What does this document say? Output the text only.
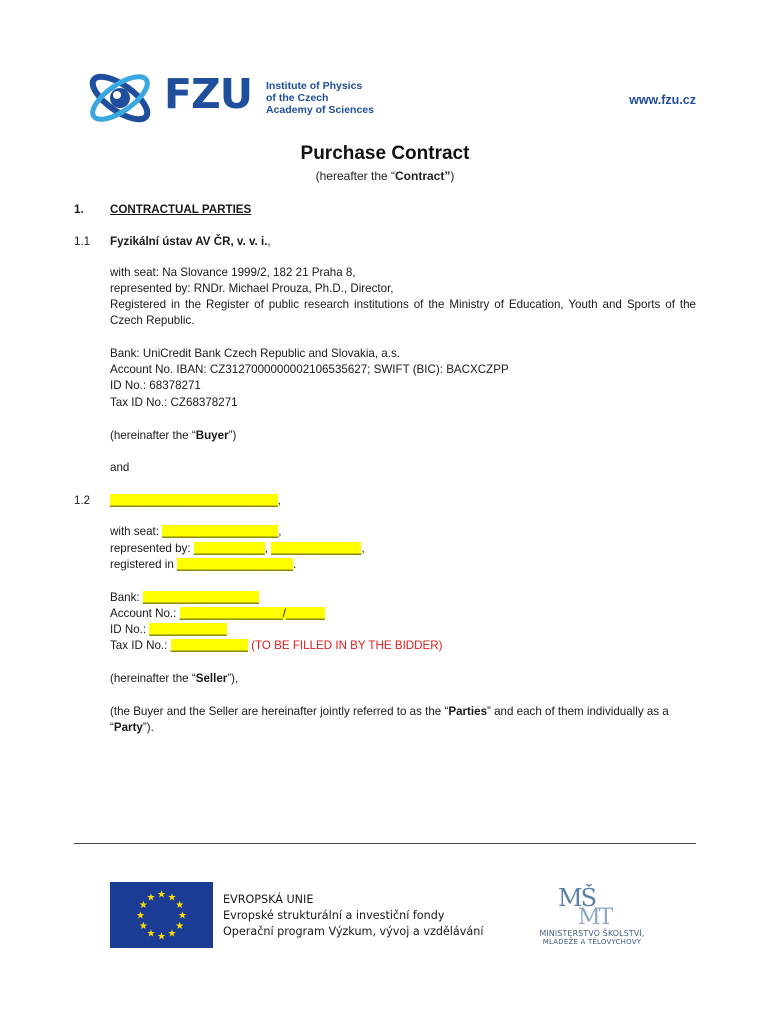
FZU Institute of Physics
of the Czech
Academy of Sciences
www.fzu.cz
Purchase Contract
(hereafter the “Contract”)
1. CONTRACTUAL PARTIES
1.1 Fyzikální ústav AV ČR, v. v. i.,
with seat: Na Slovance 1999/2, 182 21 Praha 8,
represented by: RNDr. Michael Prouza, Ph.D., Director,
Registered in the Register of public research institutions of the Ministry of Education, Youth and Sports of the Czech Republic.
Bank: UniCredit Bank Czech Republic and Slovakia, a.s.
Account No. IBAN: CZ3127000000002106535627; SWIFT (BIC): BACXCZPP
ID No.: 68378271
Tax ID No.: CZ68378271
(hereinafter the “Buyer”)
and
1.2 __________________________,
with seat: __________________,
represented by: ___________, ______________,
registered in __________________.
Bank: __________________
Account No.: ________________/______
ID No.: ____________
Tax ID No.: ____________ (TO BE FILLED IN BY THE BIDDER)
(hereinafter the “Seller”),
(the Buyer and the Seller are hereinafter jointly referred to as the “Parties” and each of them individually as a “Party”).
★ ★
★
★
★
★
★
★
★
★
★
★	EVROPSKÁ UNIE
Evropské strukturální a investiční fondy
Operační program Výzkum, vývoj a vzdělávání
MŠ
MT
MINISTERSTVO ŠKOLSTVÍ,
MLÁDEŽE A TĚLOVÝCHOVY
